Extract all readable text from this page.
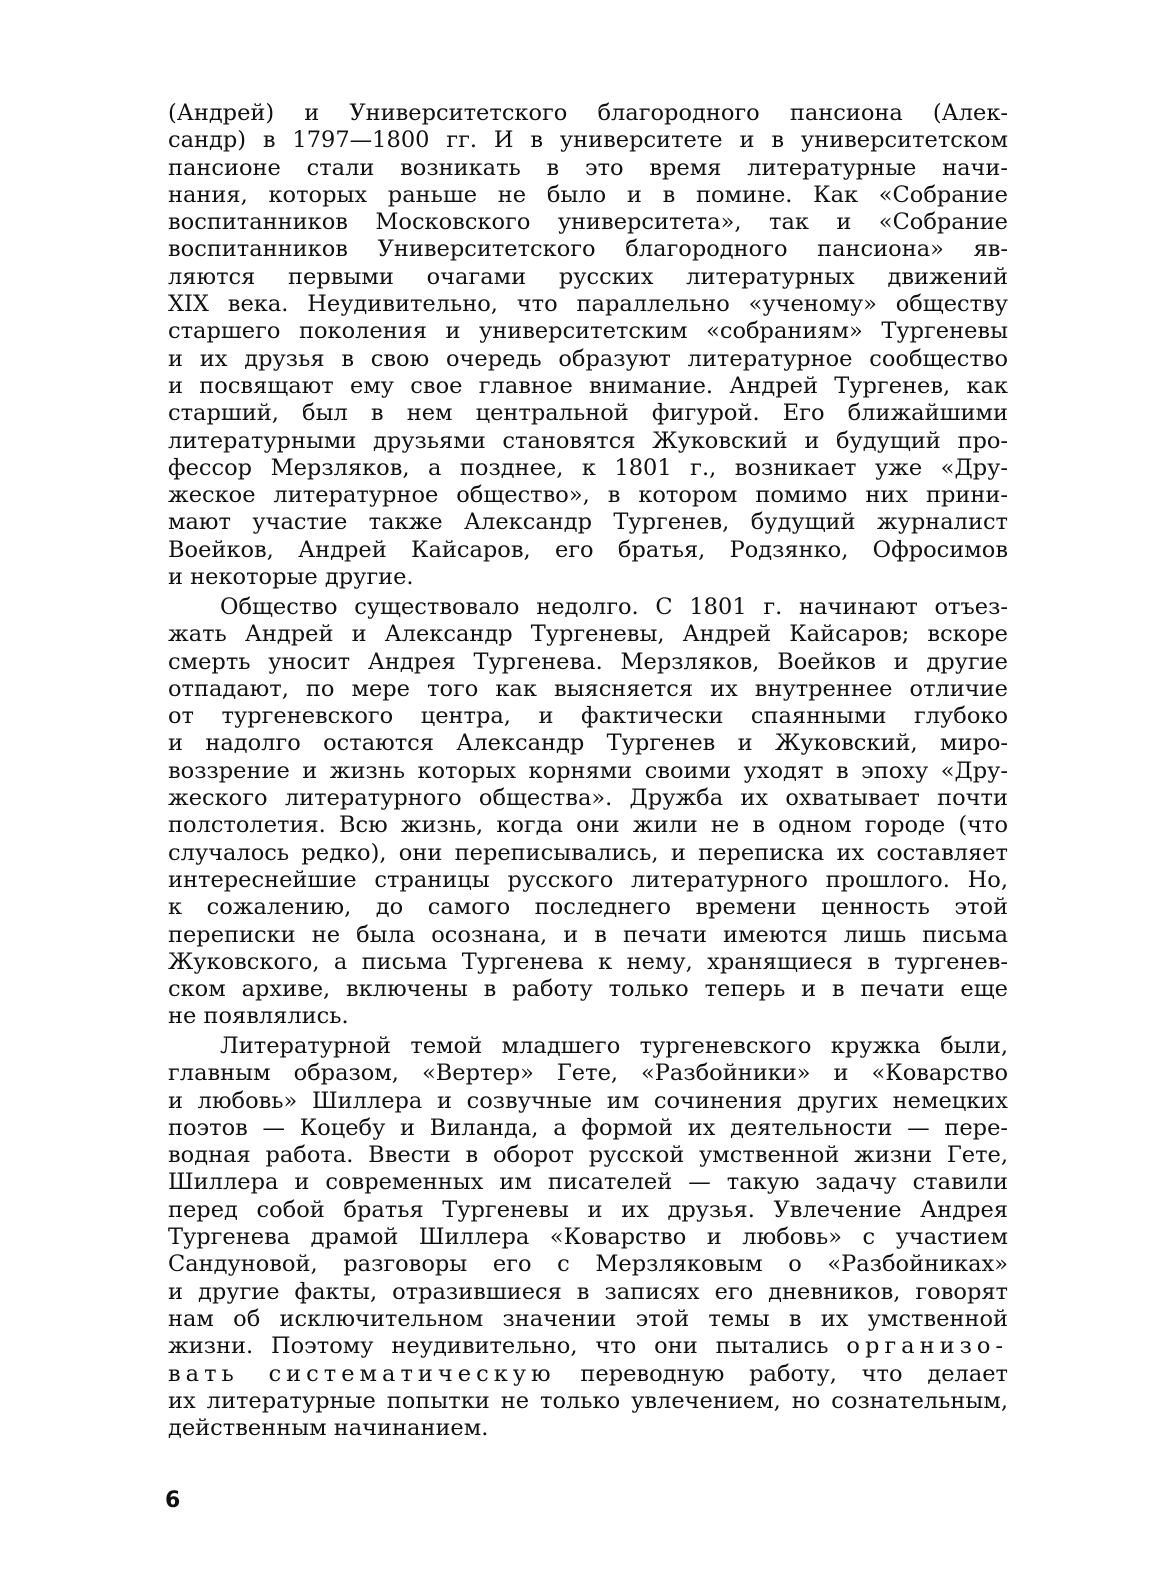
(Андрей) и Университетского благородного пансиона (Алек-
сандр) в 1797—1800 гг. И в университете и в университетском
пансионе стали возникать в это время литературные начи-
нания, которых раньше не было и в помине. Как «Собрание
воспитанников Московского университета», так и «Собрание
воспитанников Университетского благородного пансиона» яв-
ляются первыми очагами русских литературных движений
XIX века. Неудивительно, что параллельно «ученому» обществу
старшего поколения и университетским «собраниям» Тургеневы
и их друзья в свою очередь образуют литературное сообщество
и посвящают ему свое главное внимание. Андрей Тургенев, как
старший, был в нем центральной фигурой. Его ближайшими
литературными друзьями становятся Жуковский и будущий про-
фессор Мерзляков, а позднее, к 1801 г., возникает уже «Дру-
жеское литературное общество», в котором помимо них прини-
мают участие также Александр Тургенев, будущий журналист
Воейков, Андрей Кайсаров, его братья, Родзянко, Офросимов
и некоторые другие.
Общество существовало недолго. С 1801 г. начинают отъез-
жать Андрей и Александр Тургеневы, Андрей Кайсаров; вскоре
смерть уносит Андрея Тургенева. Мерзляков, Воейков и другие
отпадают, по мере того как выясняется их внутреннее отличие
от тургеневского центра, и фактически спаянными глубоко
и надолго остаются Александр Тургенев и Жуковский, миро-
воззрение и жизнь которых корнями своими уходят в эпоху «Дру-
жеского литературного общества». Дружба их охватывает почти
полстолетия. Всю жизнь, когда они жили не в одном городе (что
случалось редко), они переписывались, и переписка их составляет
интереснейшие страницы русского литературного прошлого. Но,
к сожалению, до самого последнего времени ценность этой
переписки не была осознана, и в печати имеются лишь письма
Жуковского, а письма Тургенева к нему, хранящиеся в тургенев-
ском архиве, включены в работу только теперь и в печати еще
не появлялись.
Литературной темой младшего тургеневского кружка были,
главным образом, «Вертер» Гете, «Разбойники» и «Коварство
и любовь» Шиллера и созвучные им сочинения других немецких
поэтов — Коцебу и Виланда, а формой их деятельности — пере-
водная работа. Ввести в оборот русской умственной жизни Гете,
Шиллера и современных им писателей — такую задачу ставили
перед собой братья Тургеневы и их друзья. Увлечение Андрея
Тургенева драмой Шиллера «Коварство и любовь» с участием
Сандуновой, разговоры его с Мерзляковым о «Разбойниках»
и другие факты, отразившиеся в записях его дневников, говорят
нам об исключительном значении этой темы в их умственной
жизни. Поэтому неудивительно, что они пытались организо-
вать систематическую переводную работу, что делает
их литературные попытки не только увлечением, но сознательным,
действенным начинанием.
6
